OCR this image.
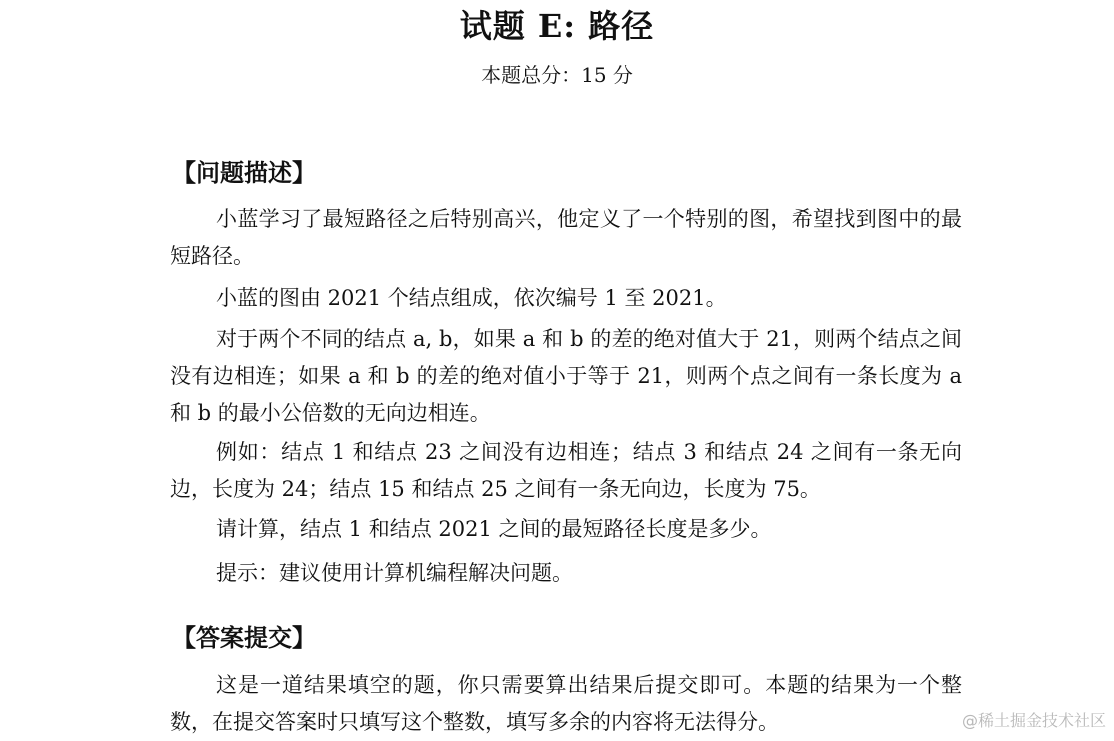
试题 E: 路径
本题总分：15 分
【问题描述】
小蓝学习了最短路径之后特别高兴，他定义了一个特别的图，希望找到图中的最短路径。
小蓝的图由 2021 个结点组成，依次编号 1 至 2021。
对于两个不同的结点 a, b，如果 a 和 b 的差的绝对值大于 21，则两个结点之间没有边相连；如果 a 和 b 的差的绝对值小于等于 21，则两个点之间有一条长度为 a 和 b 的最小公倍数的无向边相连。
例如：结点 1 和结点 23 之间没有边相连；结点 3 和结点 24 之间有一条无向边，长度为 24；结点 15 和结点 25 之间有一条无向边，长度为 75。
请计算，结点 1 和结点 2021 之间的最短路径长度是多少。
提示：建议使用计算机编程解决问题。
【答案提交】
这是一道结果填空的题，你只需要算出结果后提交即可。本题的结果为一个整数，在提交答案时只填写这个整数，填写多余的内容将无法得分。	@稀土掘金技术社区
